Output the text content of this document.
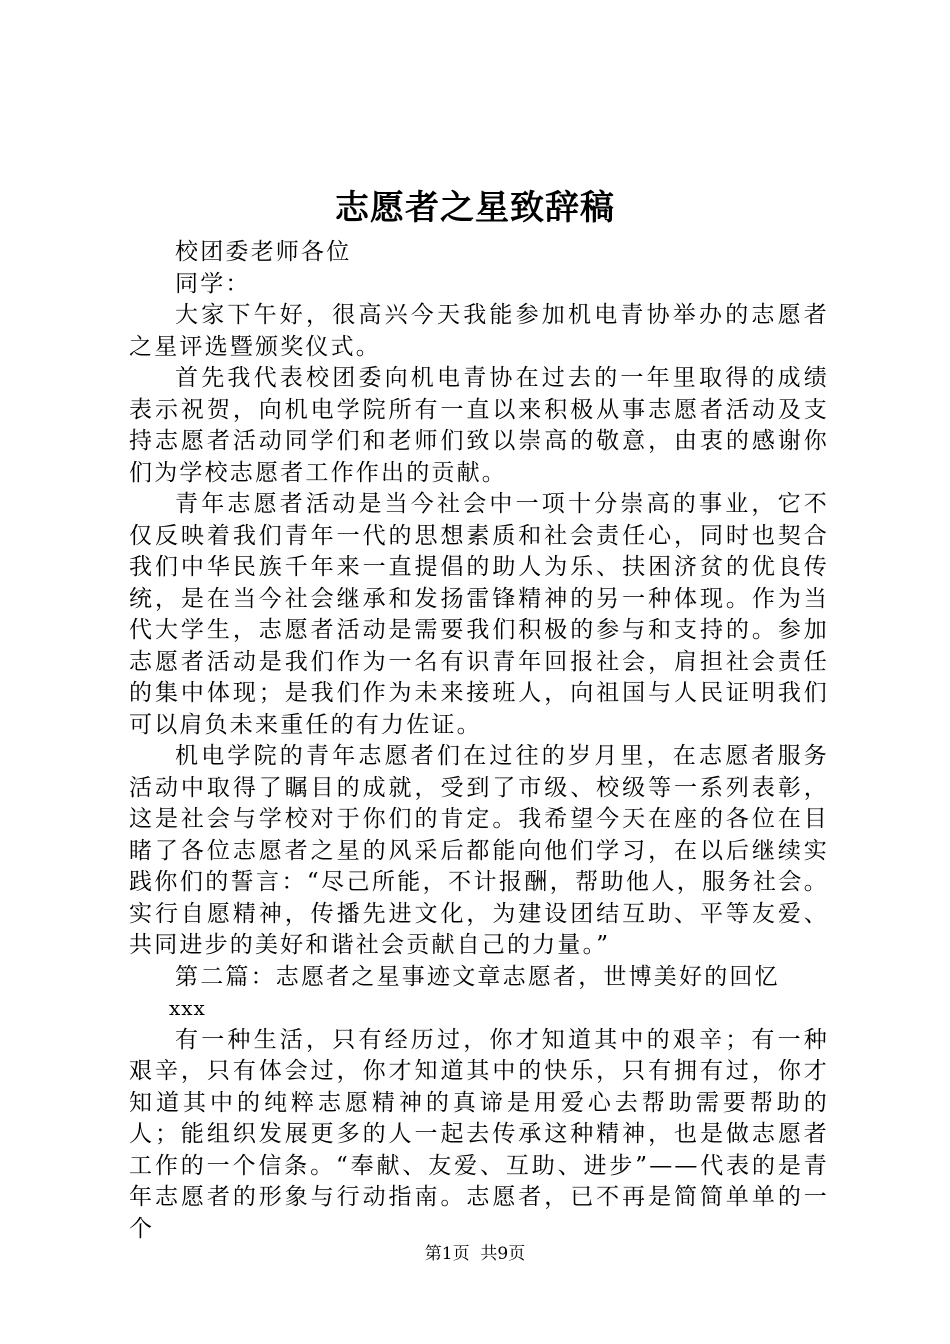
志愿者之星致辞稿

校团委老师各位

同学：

大家下午好，很高兴今天我能参加机电青协举办的志愿者之星评选暨颁奖仪式。

首先我代表校团委向机电青协在过去的一年里取得的成绩表示祝贺，向机电学院所有一直以来积极从事志愿者活动及支持志愿者活动同学们和老师们致以崇高的敬意，由衷的感谢你们为学校志愿者工作作出的贡献。

青年志愿者活动是当今社会中一项十分崇高的事业，它不仅反映着我们青年一代的思想素质和社会责任心，同时也契合我们中华民族千年来一直提倡的助人为乐、扶困济贫的优良传统，是在当今社会继承和发扬雷锋精神的另一种体现。作为当代大学生，志愿者活动是需要我们积极的参与和支持的。参加志愿者活动是我们作为一名有识青年回报社会，肩担社会责任的集中体现；是我们作为未来接班人，向祖国与人民证明我们可以肩负未来重任的有力佐证。

机电学院的青年志愿者们在过往的岁月里，在志愿者服务活动中取得了瞩目的成就，受到了市级、校级等一系列表彰，这是社会与学校对于你们的肯定。我希望今天在座的各位在目睹了各位志愿者之星的风采后都能向他们学习，在以后继续实践你们的誓言：“尽己所能，不计报酬，帮助他人，服务社会。实行自愿精神，传播先进文化，为建设团结互助、平等友爱、共同进步的美好和谐社会贡献自己的力量。”

第二篇：志愿者之星事迹文章志愿者，世博美好的回忆

xxx

有一种生活，只有经历过，你才知道其中的艰辛；有一种艰辛，只有体会过，你才知道其中的快乐，只有拥有过，你才知道其中的纯粹志愿精神的真谛是用爱心去帮助需要帮助的人；能组织发展更多的人一起去传承这种精神，也是做志愿者工作的一个信条。“奉献、友爱、互助、进步”——代表的是青年志愿者的形象与行动指南。志愿者，已不再是简简单单的一个

第1页  共9页
